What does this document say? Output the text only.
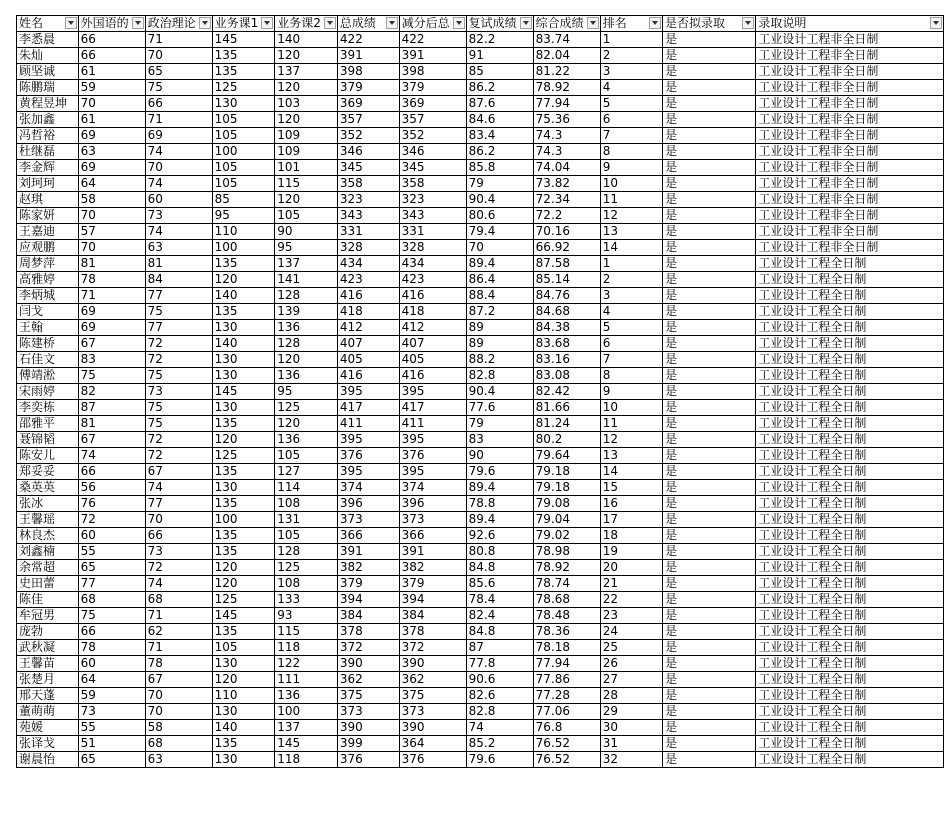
姓名	外国语的	政治理论	业务课1	业务课2	总成绩	减分后总	复试成绩	综合成绩	排名	是否拟录取	录取说明

李悉晨	66	71	145	140	422	422	82.2	83.74	1	是	工业设计工程非全日制
朱灿	66	70	135	120	391	391	91	82.04	2	是	工业设计工程非全日制
顾坚诚	61	65	135	137	398	398	85	81.22	3	是	工业设计工程非全日制
陈鹏瑞	59	75	125	120	379	379	86.2	78.92	4	是	工业设计工程非全日制
黄程昱坤	70	66	130	103	369	369	87.6	77.94	5	是	工业设计工程非全日制
张加鑫	61	71	105	120	357	357	84.6	75.36	6	是	工业设计工程非全日制
冯哲裕	69	69	105	109	352	352	83.4	74.3	7	是	工业设计工程非全日制
杜继磊	63	74	100	109	346	346	86.2	74.3	8	是	工业设计工程非全日制
李金辉	69	70	105	101	345	345	85.8	74.04	9	是	工业设计工程非全日制
刘珂珂	64	74	105	115	358	358	79	73.82	10	是	工业设计工程非全日制
赵琪	58	60	85	120	323	323	90.4	72.34	11	是	工业设计工程非全日制
陈家妍	70	73	95	105	343	343	80.6	72.2	12	是	工业设计工程非全日制
王嘉迪	57	74	110	90	331	331	79.4	70.16	13	是	工业设计工程非全日制
应观鹏	70	63	100	95	328	328	70	66.92	14	是	工业设计工程非全日制
周梦萍	81	81	135	137	434	434	89.4	87.58	1	是	工业设计工程全日制
高雅婷	78	84	120	141	423	423	86.4	85.14	2	是	工业设计工程全日制
李炳城	71	77	140	128	416	416	88.4	84.76	3	是	工业设计工程全日制
闫戈	69	75	135	139	418	418	87.2	84.68	4	是	工业设计工程全日制
王翰	69	77	130	136	412	412	89	84.38	5	是	工业设计工程全日制
陈建桥	67	72	140	128	407	407	89	83.68	6	是	工业设计工程全日制
石佳文	83	72	130	120	405	405	88.2	83.16	7	是	工业设计工程全日制
傅靖淞	75	75	130	136	416	416	82.8	83.08	8	是	工业设计工程全日制
宋雨婷	82	73	145	95	395	395	90.4	82.42	9	是	工业设计工程全日制
李奕栋	87	75	130	125	417	417	77.6	81.66	10	是	工业设计工程全日制
邵雅平	81	75	135	120	411	411	79	81.24	11	是	工业设计工程全日制
聂锦韬	67	72	120	136	395	395	83	80.2	12	是	工业设计工程全日制
陈安儿	74	72	125	105	376	376	90	79.64	13	是	工业设计工程全日制
郑妥妥	66	67	135	127	395	395	79.6	79.18	14	是	工业设计工程全日制
桑英英	56	74	130	114	374	374	89.4	79.18	15	是	工业设计工程全日制
张冰	76	77	135	108	396	396	78.8	79.08	16	是	工业设计工程全日制
王馨瑶	72	70	100	131	373	373	89.4	79.04	17	是	工业设计工程全日制
林良杰	60	66	135	105	366	366	92.6	79.02	18	是	工业设计工程全日制
刘鑫楠	55	73	135	128	391	391	80.8	78.98	19	是	工业设计工程全日制
余常超	65	72	120	125	382	382	84.8	78.92	20	是	工业设计工程全日制
史田蕾	77	74	120	108	379	379	85.6	78.74	21	是	工业设计工程全日制
陈佳	68	68	125	133	394	394	78.4	78.68	22	是	工业设计工程全日制
牟冠男	75	71	145	93	384	384	82.4	78.48	23	是	工业设计工程全日制
庞勃	66	62	135	115	378	378	84.8	78.36	24	是	工业设计工程全日制
武秋凝	78	71	105	118	372	372	87	78.18	25	是	工业设计工程全日制
王馨苗	60	78	130	122	390	390	77.8	77.94	26	是	工业设计工程全日制
张楚月	64	67	120	111	362	362	90.6	77.86	27	是	工业设计工程全日制
邢天蓬	59	70	110	136	375	375	82.6	77.28	28	是	工业设计工程全日制
董萌萌	73	70	130	100	373	373	82.8	77.06	29	是	工业设计工程全日制
苑媛	55	58	140	137	390	390	74	76.8	30	是	工业设计工程全日制
张译戈	51	68	135	145	399	364	85.2	76.52	31	是	工业设计工程全日制
谢晨怡	65	63	130	118	376	376	79.6	76.52	32	是	工业设计工程全日制
